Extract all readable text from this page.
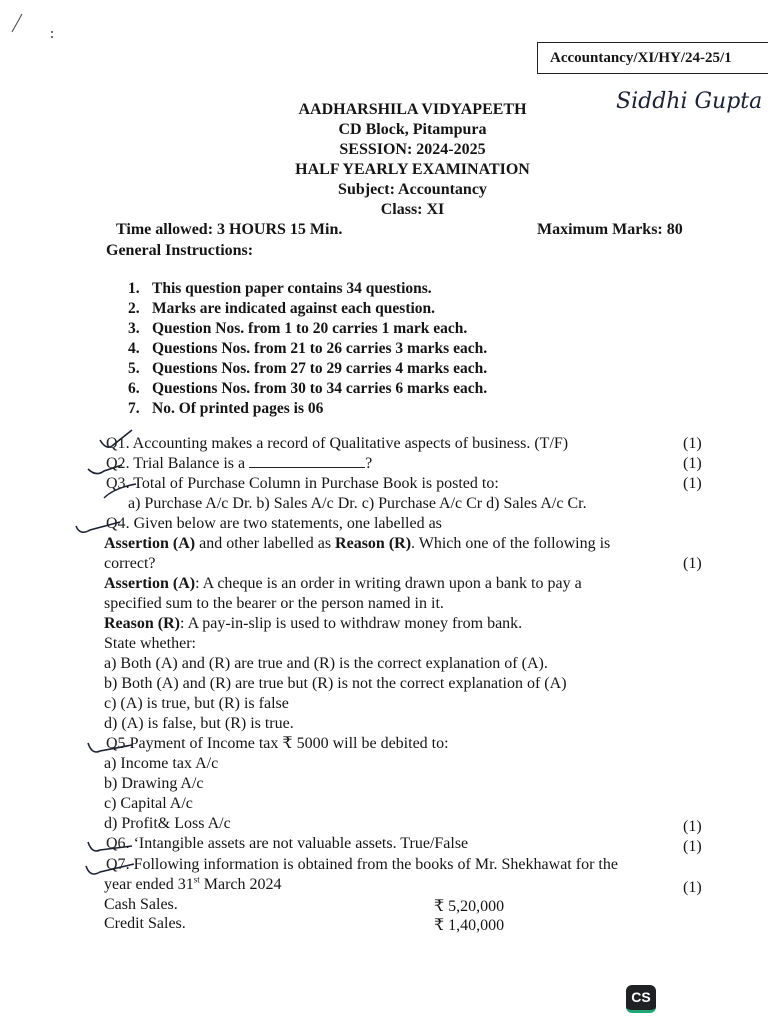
Accountancy/XI/HY/24-25/1
Siddhi Gupta
AADHARSHILA VIDYAPEETH
CD Block, Pitampura
SESSION: 2024-2025
HALF YEARLY EXAMINATION
Subject: Accountancy
Class: XI
Time allowed: 3 HOURS 15 Min.	Maximum Marks: 80
General Instructions:
1. This question paper contains 34 questions.
2. Marks are indicated against each question.
3. Question Nos. from 1 to 20 carries 1 mark each.
4. Questions Nos. from 21 to 26 carries 3 marks each.
5. Questions Nos. from 27 to 29 carries 4 marks each.
6. Questions Nos. from 30 to 34 carries 6 marks each.
7. No. Of printed pages is 06
Q1. Accounting makes a record of Qualitative aspects of business. (T/F)	(1)
Q2. Trial Balance is a	?	(1)
Q3. Total of Purchase Column in Purchase Book is posted to:	(1)
a) Purchase A/c Dr. b) Sales A/c Dr. c) Purchase A/c Cr d) Sales A/c Cr.
Q4. Given below are two statements, one labelled as
Assertion (A) and other labelled as Reason (R). Which one of the following is
correct?	(1)
Assertion (A): A cheque is an order in writing drawn upon a bank to pay a
specified sum to the bearer or the person named in it.
Reason (R): A pay-in-slip is used to withdraw money from bank.
State whether:
a) Both (A) and (R) are true and (R) is the correct explanation of (A).
b) Both (A) and (R) are true but (R) is not the correct explanation of (A)
c) (A) is true, but (R) is false
d) (A) is false, but (R) is true.
Q5 Payment of Income tax ₹ 5000 will be debited to:
a) Income tax A/c
b) Drawing A/c
c) Capital A/c
d) Profit& Loss A/c	(1)
Q6. ‘Intangible assets are not valuable assets. True/False	(1)
Q7. Following information is obtained from the books of Mr. Shekhawat for the
year ended 31st March 2024	(1)
Cash Sales.	₹ 5,20,000
Credit Sales.	₹ 1,40,000
CS
